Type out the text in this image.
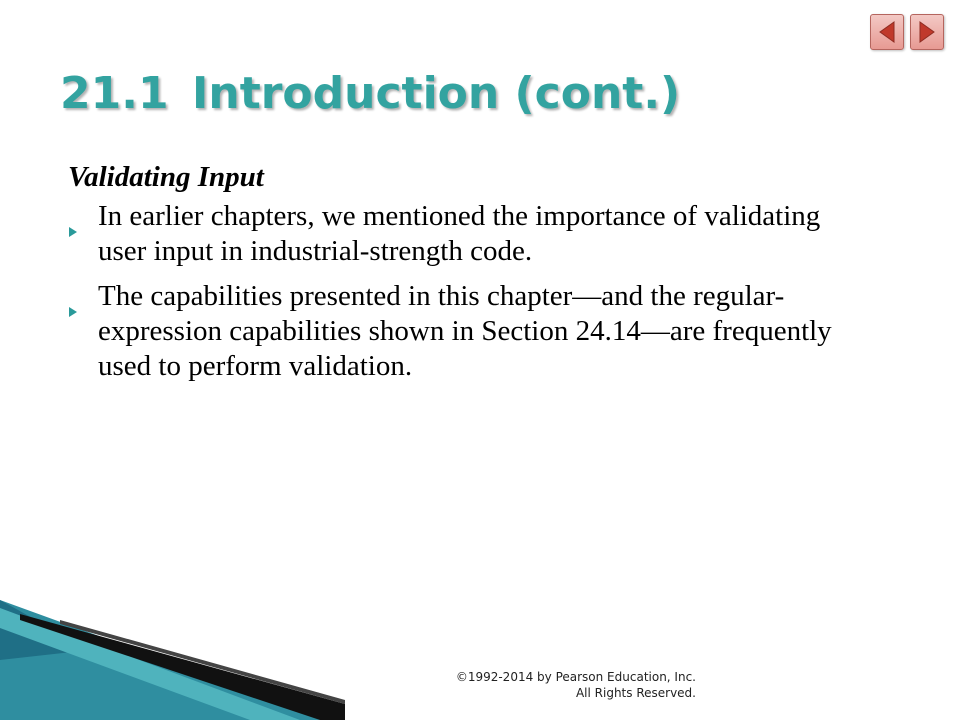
21.1 Introduction (cont.)
Validating Input
In earlier chapters, we mentioned the importance of validating user input in industrial-strength code.
The capabilities presented in this chapter—and the regular-expression capabilities shown in Section 24.14—are frequently used to perform validation.
©1992-2014 by Pearson Education, Inc.
All Rights Reserved.
